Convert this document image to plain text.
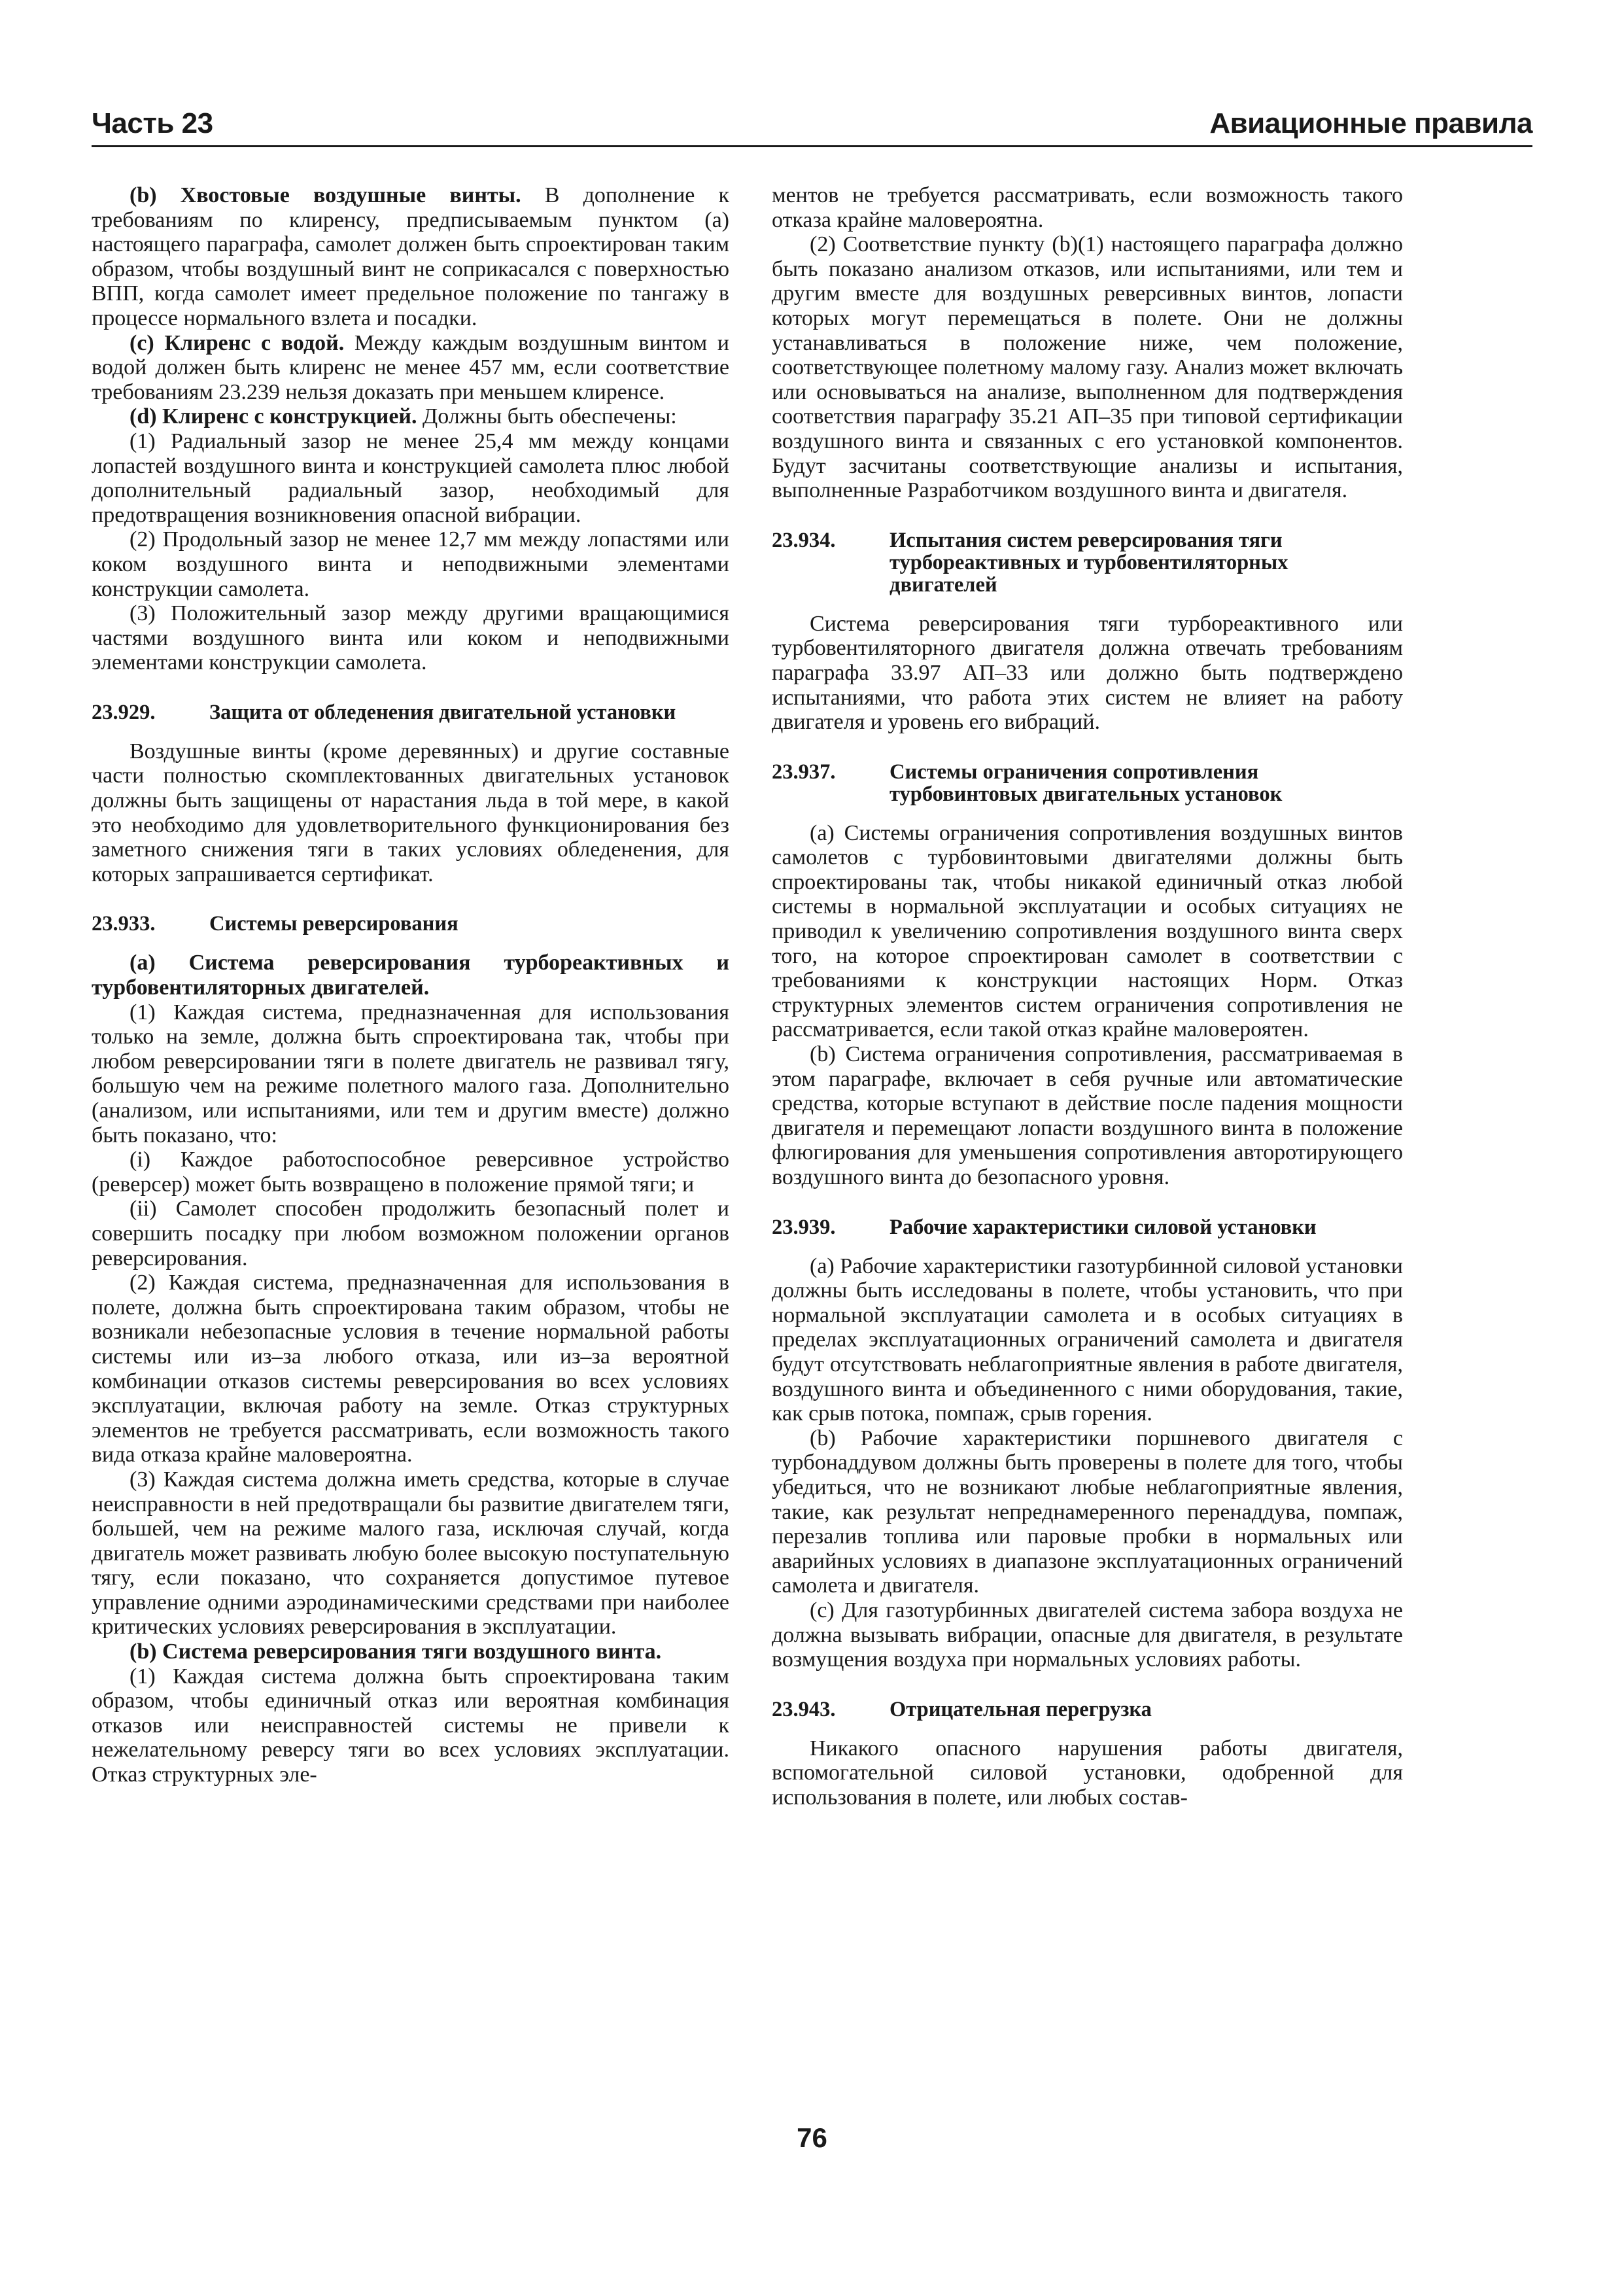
Часть 23	Авиационные правила

(b) Хвостовые воздушные винты. В дополнение к требованиям по клиренсу, предписываемым пунктом (а) настоящего параграфа, самолет должен быть спроектирован таким образом, чтобы воздушный винт не соприкасался с поверхностью ВПП, когда самолет имеет предельное положение по тангажу в процессе нормального взлета и посадки.

(c) Клиренс с водой. Между каждым воздушным винтом и водой должен быть клиренс не менее 457 мм, если соответствие требованиям 23.239 нельзя доказать при меньшем клиренсе.

(d) Клиренс с конструкцией. Должны быть обеспечены:

(1) Радиальный зазор не менее 25,4 мм между концами лопастей воздушного винта и конструкцией самолета плюс любой дополнительный радиальный зазор, необходимый для предотвращения возникновения опасной вибрации.

(2) Продольный зазор не менее 12,7 мм между лопастями или коком воздушного винта и неподвижными элементами конструкции самолета.

(3) Положительный зазор между другими вращающимися частями воздушного винта или коком и неподвижными элементами конструкции самолета.

23.929.	Защита от обледенения двигательной установки

Воздушные винты (кроме деревянных) и другие составные части полностью скомплектованных двигательных установок должны быть защищены от нарастания льда в той мере, в какой это необходимо для удовлетворительного функционирования без заметного снижения тяги в таких условиях обледенения, для которых запрашивается сертификат.

23.933.	Системы реверсирования

(a) Система реверсирования турбореактивных и турбовентиляторных двигателей.

(1) Каждая система, предназначенная для использования только на земле, должна быть спроектирована так, чтобы при любом реверсировании тяги в полете двигатель не развивал тягу, большую чем на режиме полетного малого газа. Дополнительно (анализом, или испытаниями, или тем и другим вместе) должно быть показано, что:

(i) Каждое работоспособное реверсивное устройство (реверсер) может быть возвращено в положение прямой тяги; и

(ii) Самолет способен продолжить безопасный полет и совершить посадку при любом возможном положении органов реверсирования.

(2) Каждая система, предназначенная для использования в полете, должна быть спроектирована таким образом, чтобы не возникали небезопасные условия в течение нормальной работы системы или из–за любого отказа, или из–за вероятной комбинации отказов системы реверсирования во всех условиях эксплуатации, включая работу на земле. Отказ структурных элементов не требуется рассматривать, если возможность такого вида отказа крайне маловероятна.

(3) Каждая система должна иметь средства, которые в случае неисправности в ней предотвращали бы развитие двигателем тяги, большей, чем на режиме малого газа, исключая случай, когда двигатель может развивать любую более высокую поступательную тягу, если показано, что сохраняется допустимое путевое управление одними аэродинамическими средствами при наиболее критических условиях реверсирования в эксплуатации.

(b) Система реверсирования тяги воздушного винта.

(1) Каждая система должна быть спроектирована таким образом, чтобы единичный отказ или вероятная комбинация отказов или неисправностей системы не привели к нежелательному реверсу тяги во всех условиях эксплуатации. Отказ структурных эле-

ментов не требуется рассматривать, если возможность такого отказа крайне маловероятна.

(2) Соответствие пункту (b)(1) настоящего параграфа должно быть показано анализом отказов, или испытаниями, или тем и другим вместе для воздушных реверсивных винтов, лопасти которых могут перемещаться в полете. Они не должны устанавливаться в положение ниже, чем положение, соответствующее полетному малому газу. Анализ может включать или основываться на анализе, выполненном для подтверждения соответствия параграфу 35.21 АП–35 при типовой сертификации воздушного винта и связанных с его установкой компонентов. Будут засчитаны соответствующие анализы и испытания, выполненные Разработчиком воздушного винта и двигателя.

23.934.	Испытания систем реверсирования тяги турбореактивных и турбовентиляторных двигателей

Система реверсирования тяги турбореактивного или турбовентиляторного двигателя должна отвечать требованиям параграфа 33.97 АП–33 или должно быть подтверждено испытаниями, что работа этих систем не влияет на работу двигателя и уровень его вибраций.

23.937.	Системы ограничения сопротивления турбовинтовых двигательных установок

(а) Системы ограничения сопротивления воздушных винтов самолетов с турбовинтовыми двигателями должны быть спроектированы так, чтобы никакой единичный отказ любой системы в нормальной эксплуатации и особых ситуациях не приводил к увеличению сопротивления воздушного винта сверх того, на которое спроектирован самолет в соответствии с требованиями к конструкции настоящих Норм. Отказ структурных элементов систем ограничения сопротивления не рассматривается, если такой отказ крайне маловероятен.

(b) Система ограничения сопротивления, рассматриваемая в этом параграфе, включает в себя ручные или автоматические средства, которые вступают в действие после падения мощности двигателя и перемещают лопасти воздушного винта в положение флюгирования для уменьшения сопротивления авторотирующего воздушного винта до безопасного уровня.

23.939.	Рабочие характеристики силовой установки

(а) Рабочие характеристики газотурбинной силовой установки должны быть исследованы в полете, чтобы установить, что при нормальной эксплуатации самолета и в особых ситуациях в пределах эксплуатационных ограничений самолета и двигателя будут отсутствовать неблагоприятные явления в работе двигателя, воздушного винта и объединенного с ними оборудования, такие, как срыв потока, помпаж, срыв горения.

(b) Рабочие характеристики поршневого двигателя с турбонаддувом должны быть проверены в полете для того, чтобы убедиться, что не возникают любые неблагоприятные явления, такие, как результат непреднамеренного перенаддува, помпаж, перезалив топлива или паровые пробки в нормальных или аварийных условиях в диапазоне эксплуатационных ограничений самолета и двигателя.

(c) Для газотурбинных двигателей система забора воздуха не должна вызывать вибрации, опасные для двигателя, в результате возмущения воздуха при нормальных условиях работы.

23.943.	Отрицательная перегрузка

Никакого опасного нарушения работы двигателя, вспомогательной силовой установки, одобренной для использования в полете, или любых состав-

76
